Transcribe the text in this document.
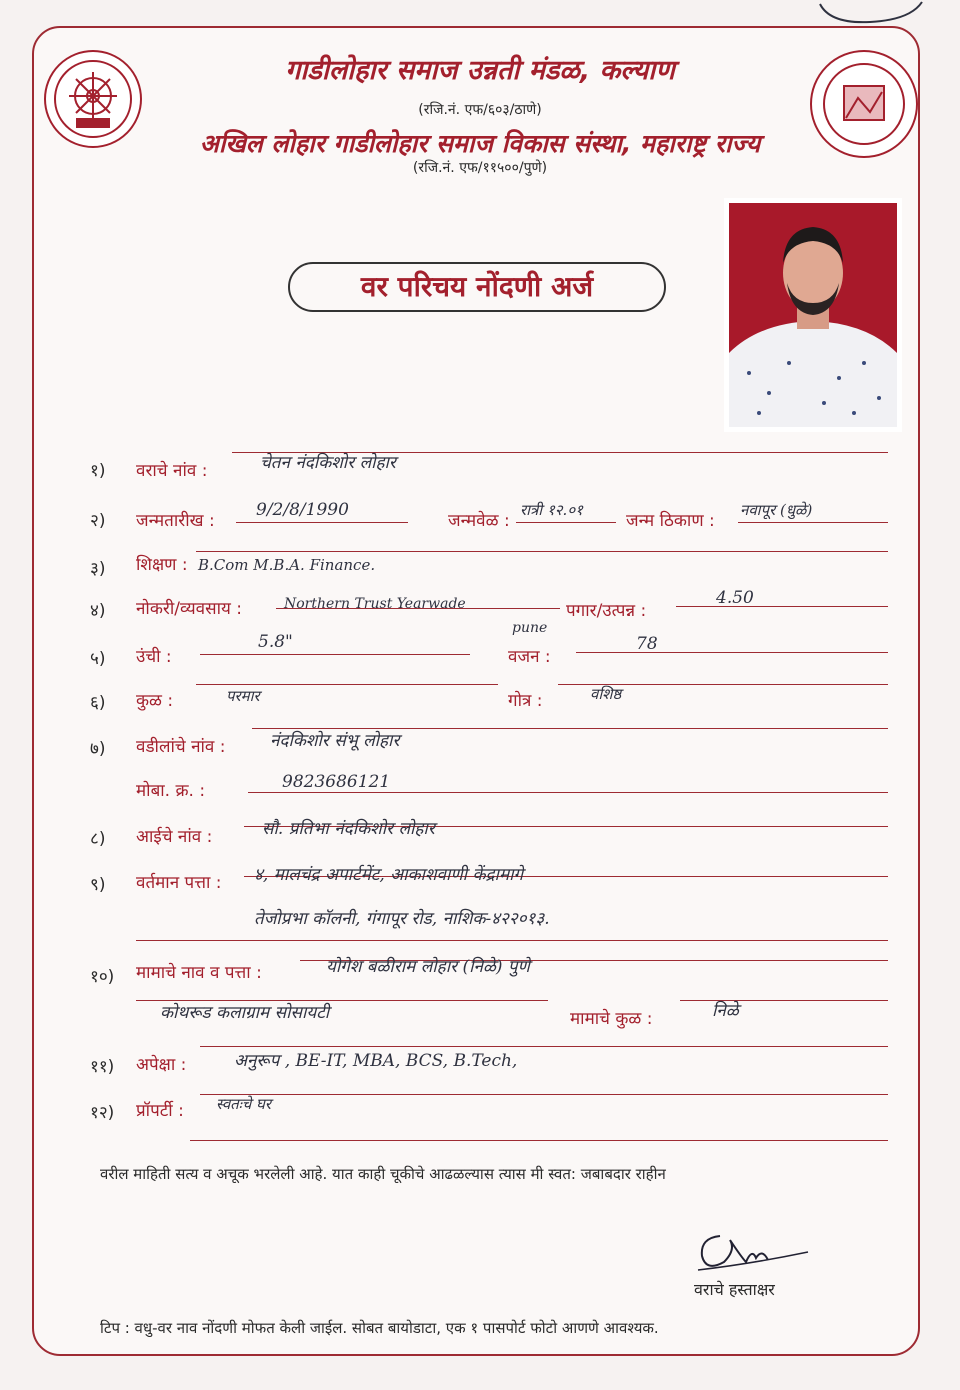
गाडीलोहार समाज उन्नती मंडळ, कल्याण
(रजि.नं. एफ/६०३/ठाणे)
अखिल लोहार गाडीलोहार समाज विकास संस्था, महाराष्ट्र राज्य
(रजि.नं. एफ/११५००/पुणे)
वर परिचय नोंदणी अर्ज
१) वराचे नांव :	चेतन नंदकिशोर लोहार
२) जन्मतारीख :
9/2/8/1990
जन्मवेळ :
रात्री १२.०१
जन्म ठिकाण :
नवापूर (धुळे)
३) शिक्षण : B.Com M.B.A. Finance.
४) नोकरी/व्यवसाय :	Northern Trust Yearwade
pune
पगार/उत्पन्न :
4.50
५) उंची :
5.8"
वजन :
78
६) कुळ :	परमार	गोत्र :	वशिष्ठ
७) वडीलांचे नांव :	नंदकिशोर संभू लोहार
मोबा. क्र. :	9823686121
८) आईचे नांव :	सौ. प्रतिभा नंदकिशोर लोहार
९) वर्तमान पत्ता : ४, मालचंद्र अपार्टमेंट, आकाशवाणी केंद्रामागे
तेजोप्रभा कॉलनी, गंगापूर रोड, नाशिक-४२२०१३.
१०) मामाचे नाव व पत्ता :	योगेश बळीराम लोहार (निळे) पुणे
कोथरूड कलाग्राम सोसायटी	मामाचे कुळ :	निळे
११) अपेक्षा :	अनुरूप , BE-IT, MBA, BCS, B.Tech,
१२) प्रॉपर्टी : स्वतःचे घर
वरील माहिती सत्य व अचूक भरलेली आहे. यात काही चूकीचे आढळल्यास त्यास मी स्वत: जबाबदार राहीन
वराचे हस्ताक्षर
टिप : वधु-वर नाव नोंदणी मोफत केली जाईल. सोबत बायोडाटा, एक १ पासपोर्ट फोटो आणणे आवश्यक.
